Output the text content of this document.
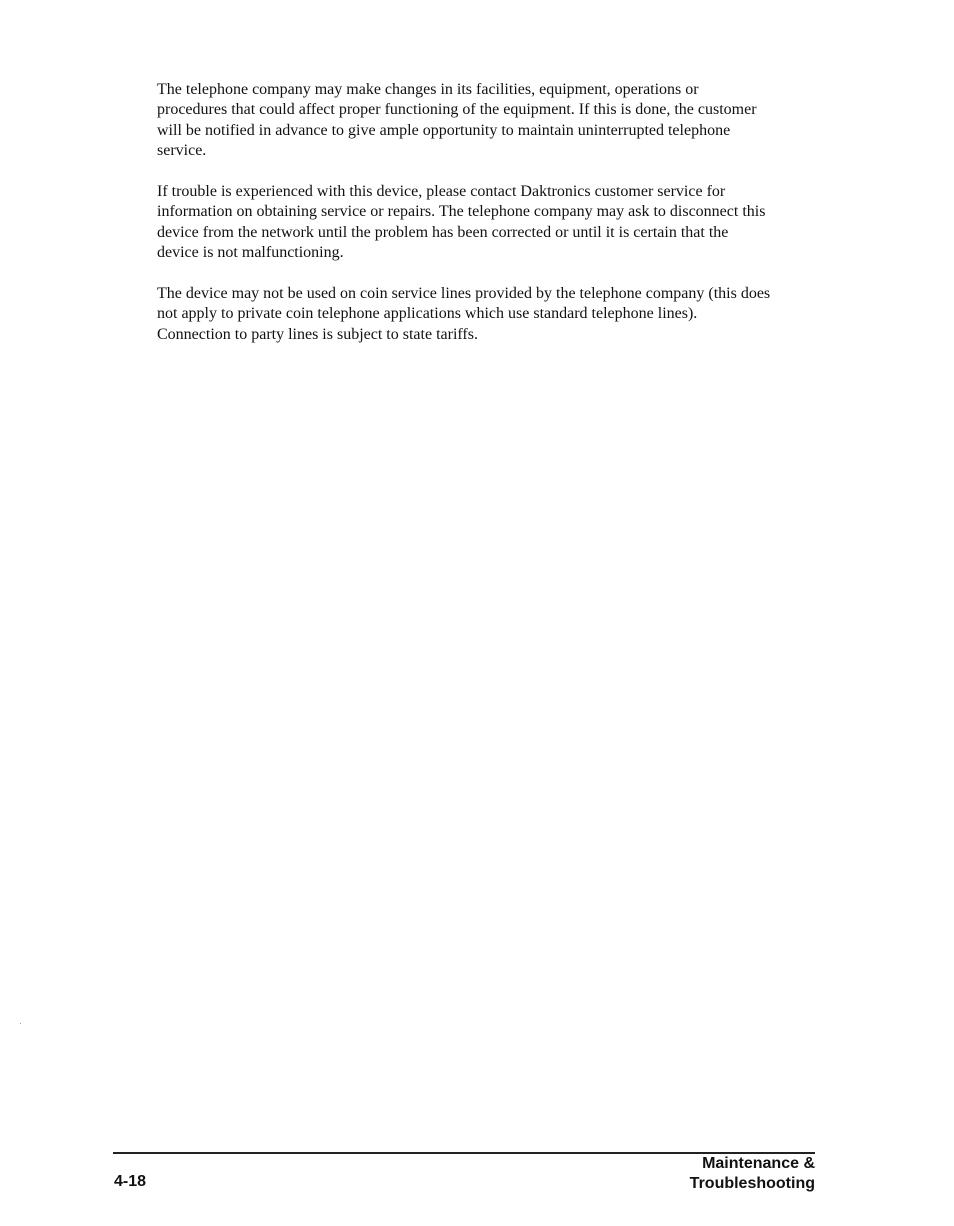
The telephone company may make changes in its facilities, equipment, operations or
procedures that could affect proper functioning of the equipment. If this is done, the customer
will be notified in advance to give ample opportunity to maintain uninterrupted telephone
service.
If trouble is experienced with this device, please contact Daktronics customer service for
information on obtaining service or repairs. The telephone company may ask to disconnect this
device from the network until the problem has been corrected or until it is certain that the
device is not malfunctioning.
The device may not be used on coin service lines provided by the telephone company (this does
not apply to private coin telephone applications which use standard telephone lines).
Connection to party lines is subject to state tariffs.
4-18
Maintenance &
Troubleshooting
